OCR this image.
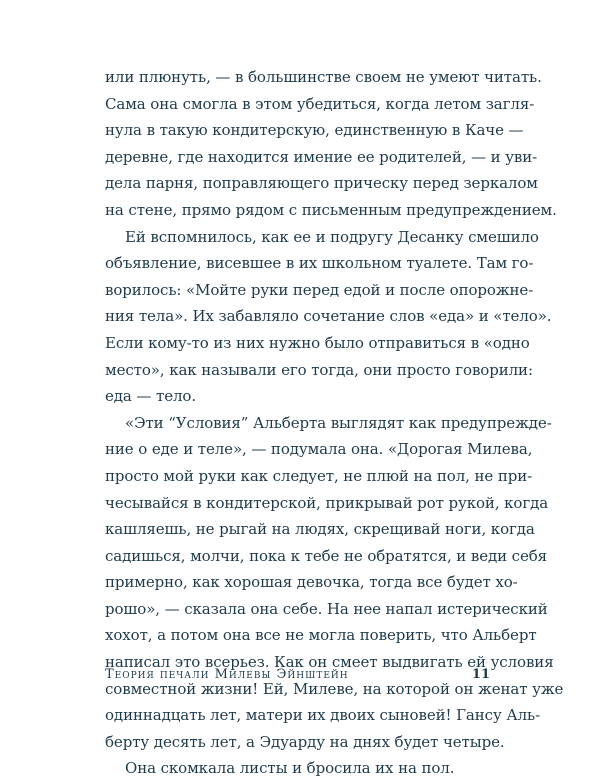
или плюнуть, — в большинстве своем не умеют читать.
Сама она смогла в этом убедиться, когда летом загля-
нула в такую кондитерскую, единственную в Каче —
деревне, где находится имение ее родителей, — и уви-
дела парня, поправляющего прическу перед зеркалом
на стене, прямо рядом с письменным предупреждением.
Ей вспомнилось, как ее и подругу Десанку смешило
объявление, висевшее в их школьном туалете. Там го-
ворилось: «Мойте руки перед едой и после опорожне-
ния тела». Их забавляло сочетание слов «еда» и «тело».
Если кому-то из них нужно было отправиться в «одно
место», как называли его тогда, они просто говорили:
еда — тело.
«Эти “Условия” Альберта выглядят как предупрежде-
ние о еде и теле», — подумала она. «Дорогая Милева,
просто мой руки как следует, не плюй на пол, не при-
чесывайся в кондитерской, прикрывай рот рукой, когда
кашляешь, не рыгай на людях, скрещивай ноги, когда
садишься, молчи, пока к тебе не обратятся, и веди себя
примерно, как хорошая девочка, тогда все будет хо-
рошо», — сказала она себе. На нее напал истерический
хохот, а потом она все не могла поверить, что Альберт
написал это всерьез. Как он смеет выдвигать ей условия
совместной жизни! Ей, Милеве, на которой он женат уже
одиннадцать лет, матери их двоих сыновей! Гансу Аль-
берту десять лет, а Эдуарду на днях будет четыре.
Она скомкала листы и бросила их на пол.
Теория печали Милевы Эйнштейн	11
